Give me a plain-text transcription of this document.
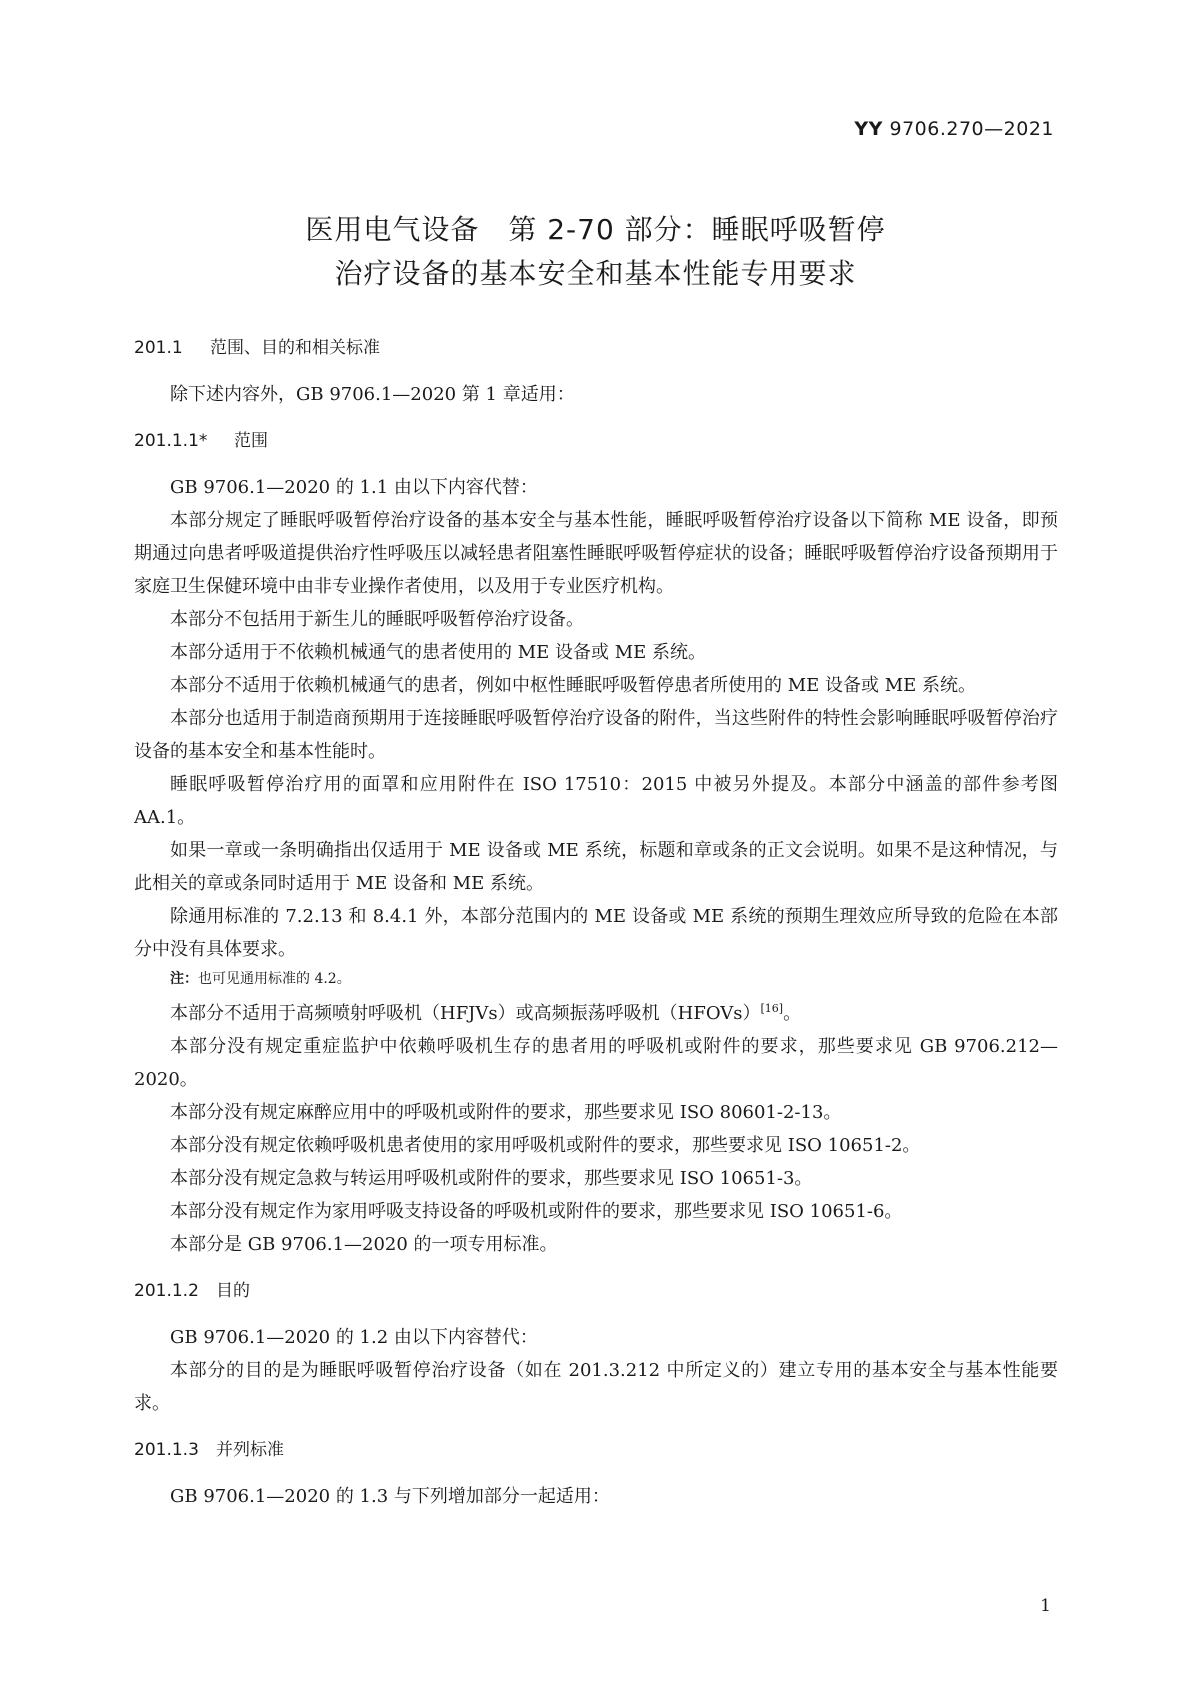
YY 9706.270—2021
医用电气设备　第 2-70 部分：睡眠呼吸暂停
治疗设备的基本安全和基本性能专用要求
201.1 范围、目的和相关标准

除下述内容外，GB 9706.1—2020 第 1 章适用：

201.1.1* 范围

GB 9706.1—2020 的 1.1 由以下内容代替：

本部分规定了睡眠呼吸暂停治疗设备的基本安全与基本性能，睡眠呼吸暂停治疗设备以下简称 ME 设备，即预期通过向患者呼吸道提供治疗性呼吸压以减轻患者阻塞性睡眠呼吸暂停症状的设备；睡眠呼吸暂停治疗设备预期用于家庭卫生保健环境中由非专业操作者使用，以及用于专业医疗机构。

本部分不包括用于新生儿的睡眠呼吸暂停治疗设备。

本部分适用于不依赖机械通气的患者使用的 ME 设备或 ME 系统。

本部分不适用于依赖机械通气的患者，例如中枢性睡眠呼吸暂停患者所使用的 ME 设备或 ME 系统。

本部分也适用于制造商预期用于连接睡眠呼吸暂停治疗设备的附件，当这些附件的特性会影响睡眠呼吸暂停治疗设备的基本安全和基本性能时。

睡眠呼吸暂停治疗用的面罩和应用附件在 ISO 17510：2015 中被另外提及。本部分中涵盖的部件参考图 AA.1。

如果一章或一条明确指出仅适用于 ME 设备或 ME 系统，标题和章或条的正文会说明。如果不是这种情况，与此相关的章或条同时适用于 ME 设备和 ME 系统。

除通用标准的 7.2.13 和 8.4.1 外，本部分范围内的 ME 设备或 ME 系统的预期生理效应所导致的危险在本部分中没有具体要求。

注：也可见通用标准的 4.2。

本部分不适用于高频喷射呼吸机（HFJVs）或高频振荡呼吸机（HFOVs）[16]。

本部分没有规定重症监护中依赖呼吸机生存的患者用的呼吸机或附件的要求，那些要求见 GB 9706.212—2020。

本部分没有规定麻醉应用中的呼吸机或附件的要求，那些要求见 ISO 80601-2-13。

本部分没有规定依赖呼吸机患者使用的家用呼吸机或附件的要求，那些要求见 ISO 10651-2。

本部分没有规定急救与转运用呼吸机或附件的要求，那些要求见 ISO 10651-3。

本部分没有规定作为家用呼吸支持设备的呼吸机或附件的要求，那些要求见 ISO 10651-6。

本部分是 GB 9706.1—2020 的一项专用标准。

201.1.2 目的

GB 9706.1—2020 的 1.2 由以下内容替代：

本部分的目的是为睡眠呼吸暂停治疗设备（如在 201.3.212 中所定义的）建立专用的基本安全与基本性能要求。

201.1.3 并列标准

GB 9706.1—2020 的 1.3 与下列增加部分一起适用：

1
